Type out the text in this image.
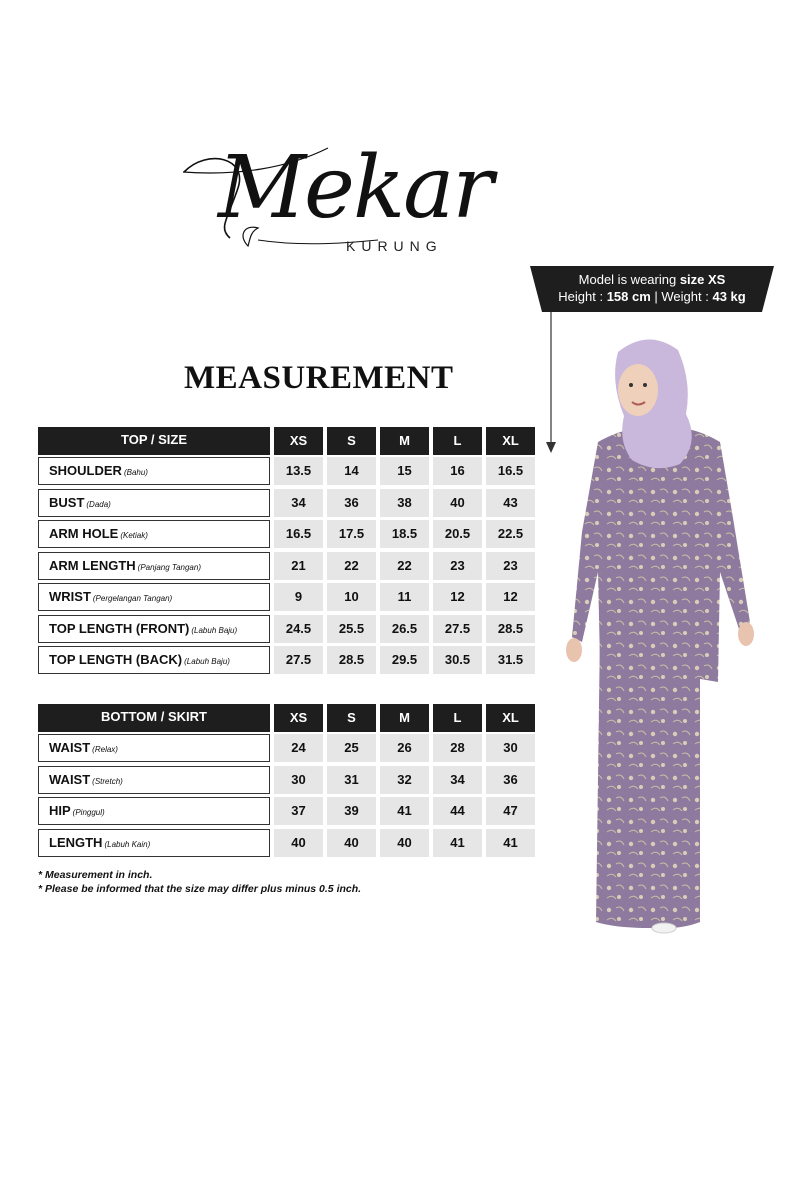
Mekar
KURUNG
Model is wearing size XS
Height : 158 cm | Weight : 43 kg
MEASUREMENT
TOP / SIZE	XS	S	M	L	XL
SHOULDER (Bahu)	13.5	14	15	16	16.5
BUST (Dada)	34	36	38	40	43
ARM HOLE (Ketiak)	16.5	17.5	18.5	20.5	22.5
ARM LENGTH (Panjang Tangan)	21	22	22	23	23
WRIST (Pergelangan Tangan)	9	10	11	12	12
TOP LENGTH (FRONT) (Labuh Baju)	24.5	25.5	26.5	27.5	28.5
TOP LENGTH (BACK) (Labuh Baju)	27.5	28.5	29.5	30.5	31.5
BOTTOM / SKIRT	XS	S	M	L	XL
WAIST (Relax)	24	25	26	28	30
WAIST (Stretch)	30	31	32	34	36
HIP (Pinggul)	37	39	41	44	47
LENGTH (Labuh Kain)	40	40	40	41	41
* Measurement in inch.
* Please be informed that the size may differ plus minus 0.5 inch.
